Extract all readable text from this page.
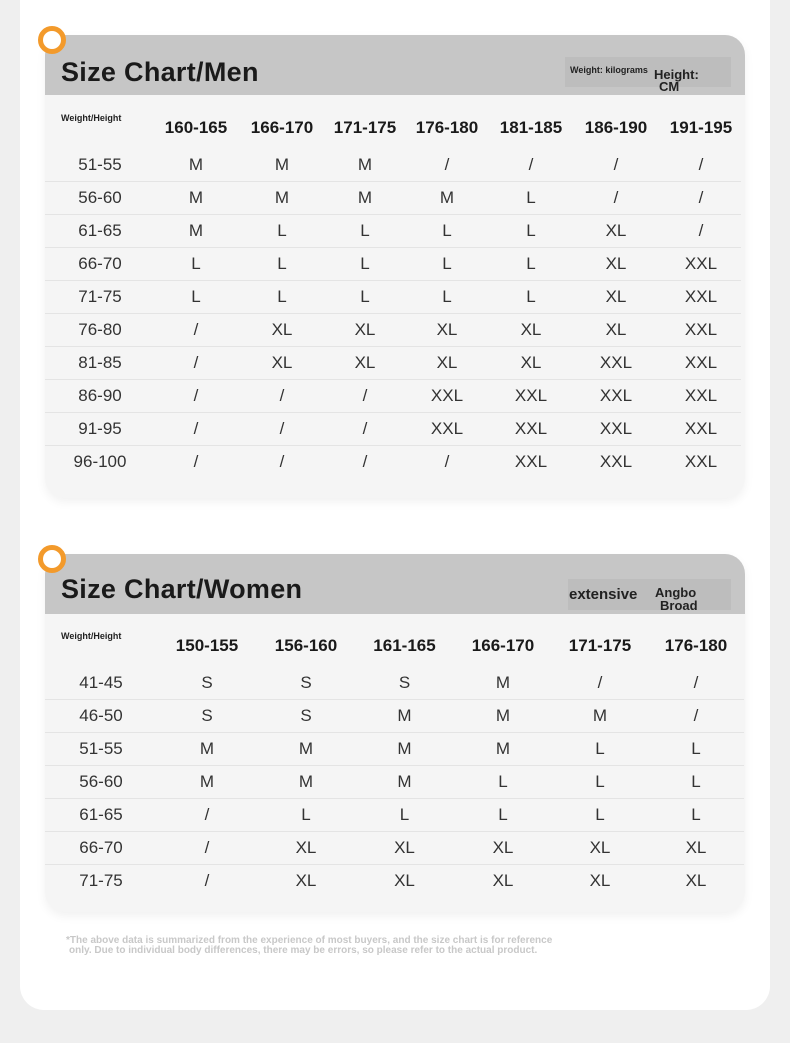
Size Chart/Men	Weight: kilograms Height:
CM
Weight/Height	160-165	166-170	171-175	176-180	181-185	186-190	191-195
51-55	M	M	M	/	/	/	/
56-60	M	M	M	M	L	/	/
61-65	M	L	L	L	L	XL	/
66-70	L	L	L	L	L	XL	XXL
71-75	L	L	L	L	L	XL	XXL
76-80	/	XL	XL	XL	XL	XL	XXL
81-85	/	XL	XL	XL	XL	XXL	XXL
86-90	/	/	/	XXL	XXL	XXL	XXL
91-95	/	/	/	XXL	XXL	XXL	XXL
96-100	/	/	/	/	XXL	XXL	XXL
Size Chart/Women	extensive Angbo
Broad
Weight/Height	150-155	156-160	161-165	166-170	171-175	176-180
41-45	S	S	S	M	/	/
46-50	S	S	M	M	M	/
51-55	M	M	M	M	L	L
56-60	M	M	M	L	L	L
61-65	/	L	L	L	L	L
66-70	/	XL	XL	XL	XL	XL
71-75	/	XL	XL	XL	XL	XL
*The above data is summarized from the experience of most buyers, and the size chart is for reference
only. Due to individual body differences, there may be errors, so please refer to the actual product.
